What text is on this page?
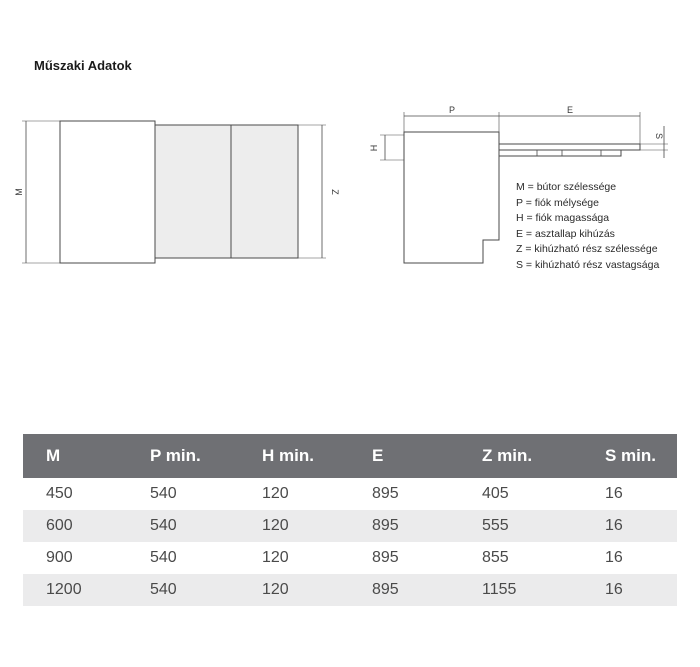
Műszaki Adatok
M	Z
P	E
H
S
M = bútor szélessége
P = fiók mélysége
H = fiók magassága
E = asztallap kihúzás
Z = kihúzható rész szélessége
S = kihúzható rész vastagsága
M	P min.	H min.	E	Z min.	S min.
450	540	120	895	405	16
600	540	120	895	555	16
900	540	120	895	855	16
1200	540	120	895	1155	16
